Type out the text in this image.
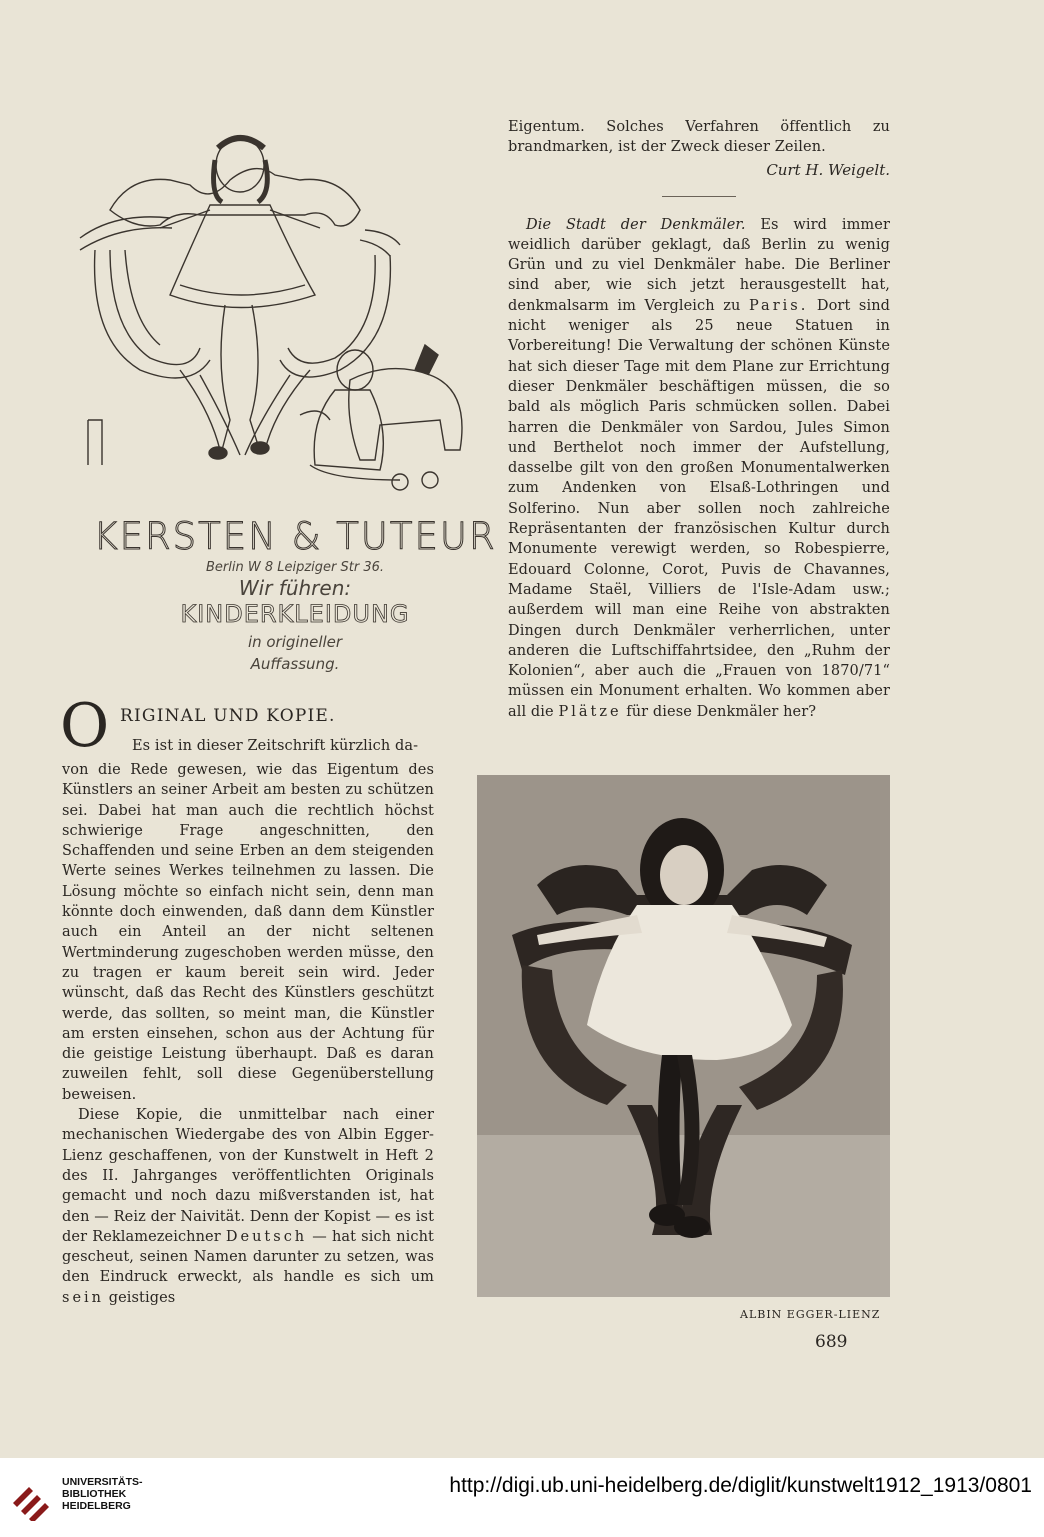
KERSTEN & TUTEUR
Berlin W 8 Leipziger Str 36.
Wir führen:
KINDERKLEIDUNG
in origineller
Auffassung.

Eigentum. Solches Verfahren öffentlich zu brandmarken, ist der Zweck dieser Zeilen.

Curt H. Weigelt.

Die Stadt der Denkmäler. Es wird immer weidlich darüber geklagt, daß Berlin zu wenig Grün und zu viel Denkmäler habe. Die Berliner sind aber, wie sich jetzt herausgestellt hat, denkmalsarm im Vergleich zu Paris. Dort sind nicht weniger als 25 neue Statuen in Vorbereitung! Die Verwaltung der schönen Künste hat sich dieser Tage mit dem Plane zur Errichtung dieser Denkmäler beschäftigen müssen, die so bald als möglich Paris schmücken sollen. Dabei harren die Denkmäler von Sardou, Jules Simon und Berthelot noch immer der Aufstellung, dasselbe gilt von den großen Monumentalwerken zum Andenken von Elsaß-Lothringen und Solferino. Nun aber sollen noch zahlreiche Repräsentanten der französischen Kultur durch Monumente verewigt werden, so Robespierre, Edouard Colonne, Corot, Puvis de Chavannes, Madame Staël, Villiers de l'Isle-Adam usw.; außerdem will man eine Reihe von abstrakten Dingen durch Denkmäler verherrlichen, unter anderen die Luftschiffahrtsidee, den „Ruhm der Kolonien“, aber auch die „Frauen von 1870/71“ müssen ein Monument erhalten. Wo kommen aber all die Plätze für diese Denkmäler her?

O RIGINAL UND KOPIE.
Es ist in dieser Zeitschrift kürzlich da-

von die Rede gewesen, wie das Eigentum des Künstlers an seiner Arbeit am besten zu schützen sei. Dabei hat man auch die rechtlich höchst schwierige Frage angeschnitten, den Schaffenden und seine Erben an dem steigenden Werte seines Werkes teilnehmen zu lassen. Die Lösung möchte so einfach nicht sein, denn man könnte doch einwenden, daß dann dem Künstler auch ein Anteil an der nicht seltenen Wertminderung zugeschoben werden müsse, den zu tragen er kaum bereit sein wird. Jeder wünscht, daß das Recht des Künstlers geschützt werde, das sollten, so meint man, die Künstler am ersten einsehen, schon aus der Achtung für die geistige Leistung überhaupt. Daß es daran zuweilen fehlt, soll diese Gegenüberstellung beweisen.

Diese Kopie, die unmittelbar nach einer mechanischen Wiedergabe des von Albin Egger-Lienz geschaffenen, von der Kunstwelt in Heft 2 des II. Jahrganges veröffentlichten Originals gemacht und noch dazu mißverstanden ist, hat den — Reiz der Naivität. Denn der Kopist — es ist der Reklamezeichner Deutsch — hat sich nicht gescheut, seinen Namen darunter zu setzen, was den Eindruck erweckt, als handle es sich um sein geistiges

ALBIN EGGER-LIENZ
689
UNIVERSITÄTS-
BIBLIOTHEK
HEIDELBERG
http://digi.ub.uni-heidelberg.de/diglit/kunstwelt1912_1913/0801
